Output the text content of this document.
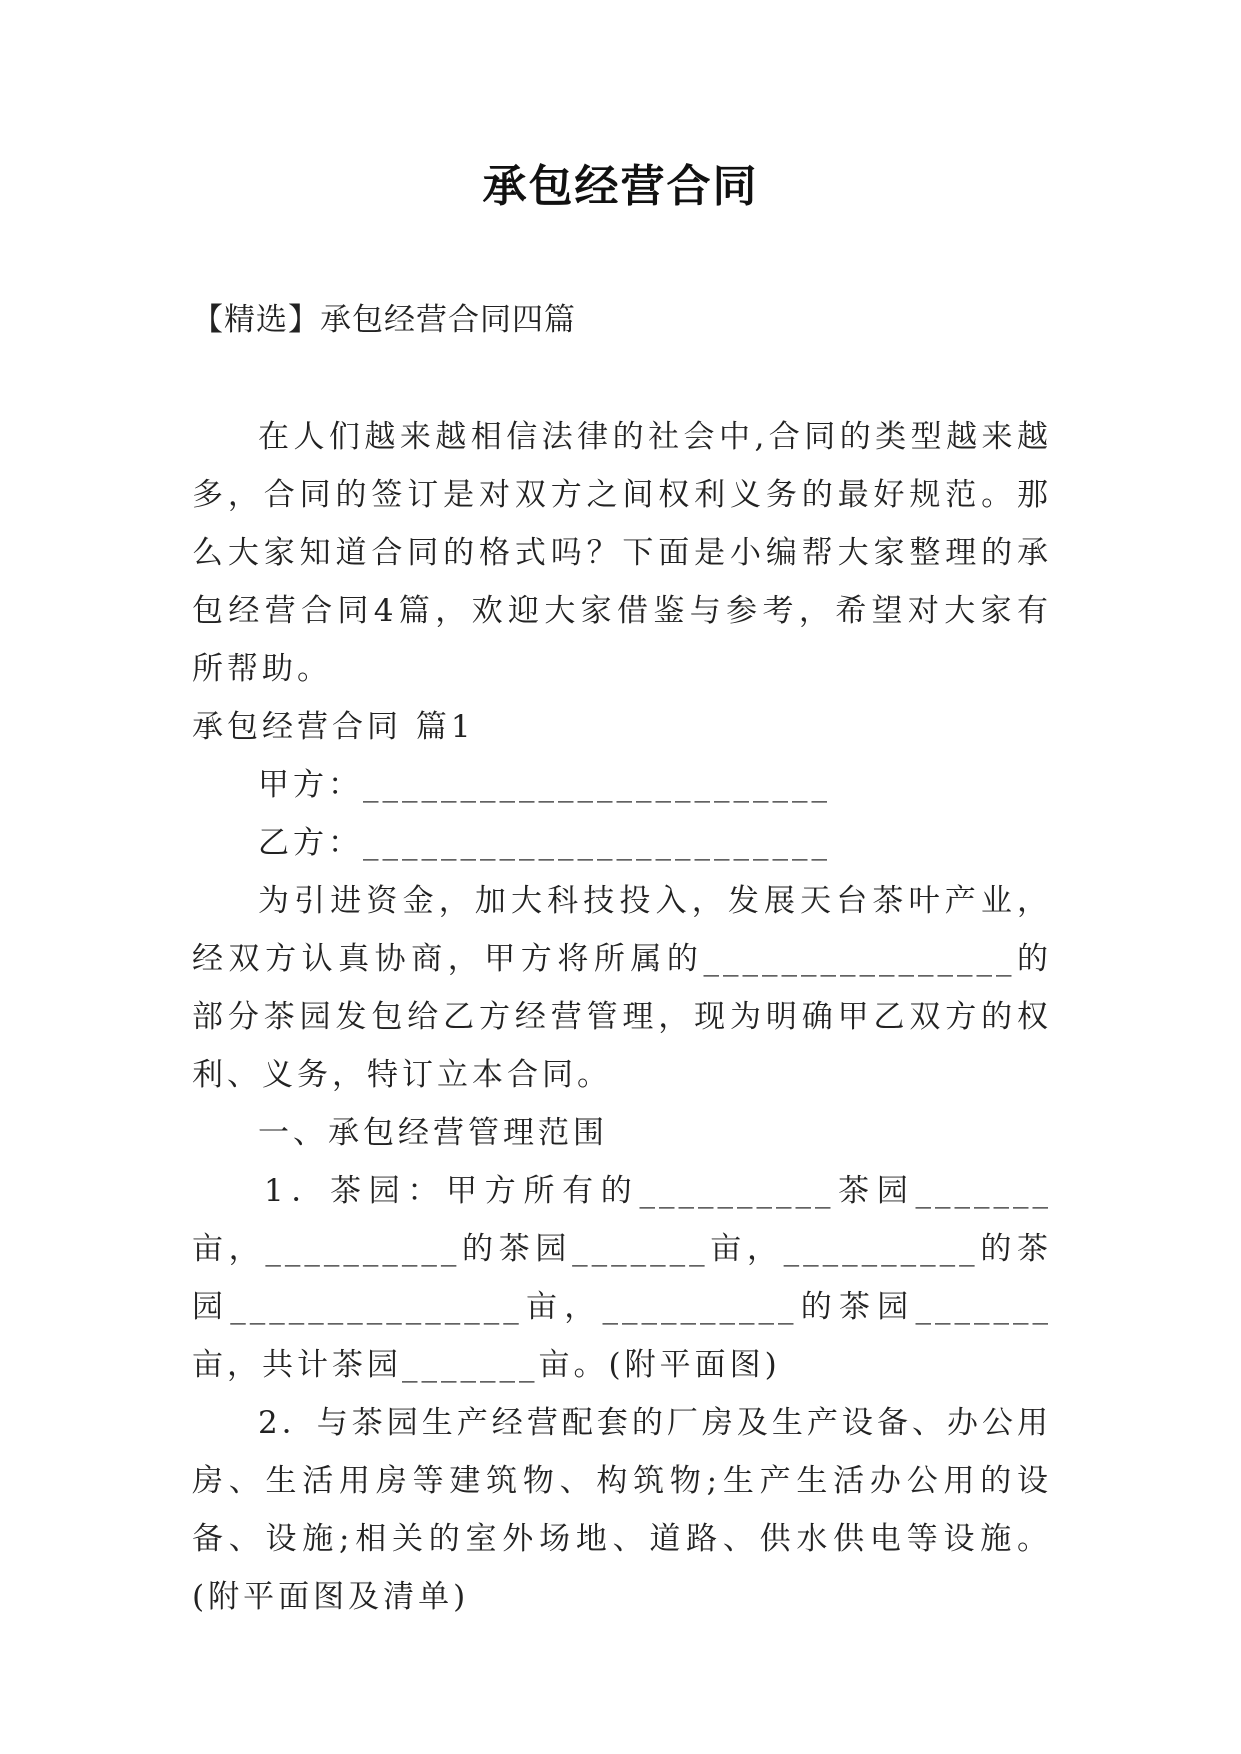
承包经营合同
【精选】承包经营合同四篇

在人们越来越相信法律的社会中,合同的类型越来越多，合同的签订是对双方之间权利义务的最好规范。那么大家知道合同的格式吗？下面是小编帮大家整理的承包经营合同4篇，欢迎大家借鉴与参考，希望对大家有所帮助。

承包经营合同 篇1

甲方：________________________

乙方：________________________

为引进资金，加大科技投入，发展天台茶叶产业，经双方认真协商，甲方将所属的________________的部分茶园发包给乙方经营管理，现为明确甲乙双方的权利、义务，特订立本合同。

一、承包经营管理范围

1．茶园：甲方所有的__________茶园_______亩，__________的茶园_______亩，__________的茶园_______________亩，__________的茶园_______亩，共计茶园_______亩。(附平面图)

2．与茶园生产经营配套的厂房及生产设备、办公用房、生活用房等建筑物、构筑物;生产生活办公用的设备、设施;相关的室外场地、道路、供水供电等设施。(附平面图及清单)
